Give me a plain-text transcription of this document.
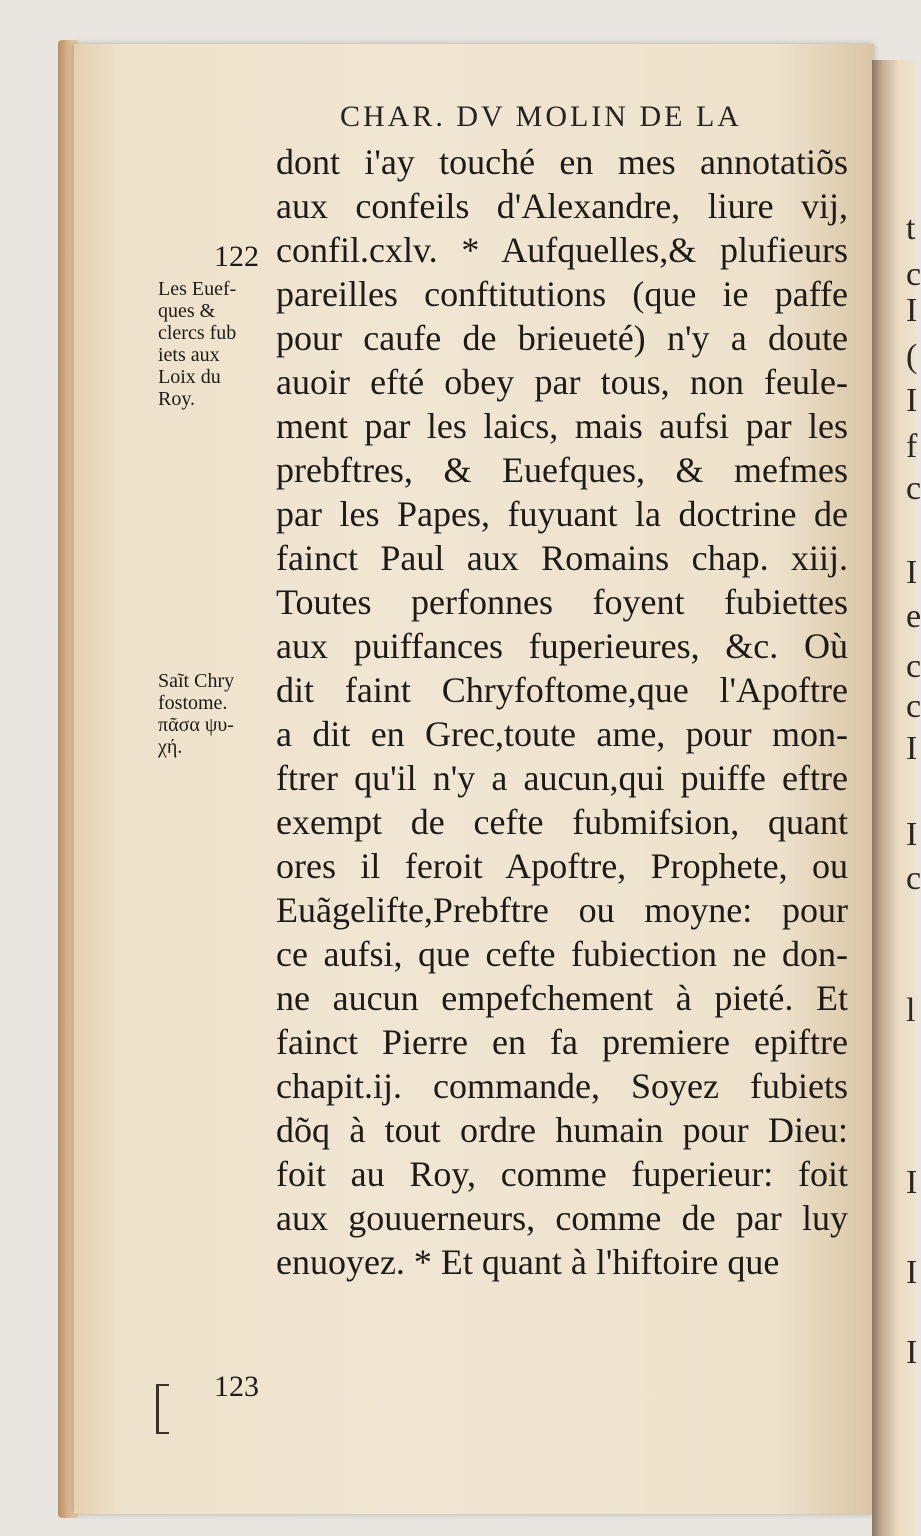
t
c
I
(
I
f
c
I
e
c
c
I
I
c
l
I
I
I
CHAR. DV MOLIN DE LA
122
123
Les Euef-
ques &
clercs fub
iets aux
Loix du
Roy.
Saĩt Chry
fostome.
πᾶσα ψυ-
χή.
dont i'ay touché en mes annotatiõs
aux confeils d'Alexandre, liure vij,
confil.cxlv. * Aufquelles,& plufieurs
pareilles conftitutions (que ie paffe
pour caufe de brieueté) n'y a doute
auoir efté obey par tous, non feule-
ment par les laics, mais aufsi par les
prebftres, & Euefques, & mefmes
par les Papes, fuyuant la doctrine de
fainct Paul aux Romains chap. xiij.
Toutes perfonnes foyent fubiettes
aux puiffances fuperieures, &c. Où
dit faint Chryfoftome,que l'Apoftre
a dit en Grec,toute ame, pour mon-
ftrer qu'il n'y a aucun,qui puiffe eftre
exempt de cefte fubmifsion, quant
ores il feroit Apoftre, Prophete, ou
Euãgelifte,Prebftre ou moyne: pour
ce aufsi, que cefte fubiection ne don-
ne aucun empefchement à pieté. Et
fainct Pierre en fa premiere epiftre
chapit.ij. commande, Soyez fubiets
dõq à tout ordre humain pour Dieu:
foit au Roy, comme fuperieur: foit
aux gouuerneurs, comme de par luy
enuoyez. * Et quant à l'hiftoire que
